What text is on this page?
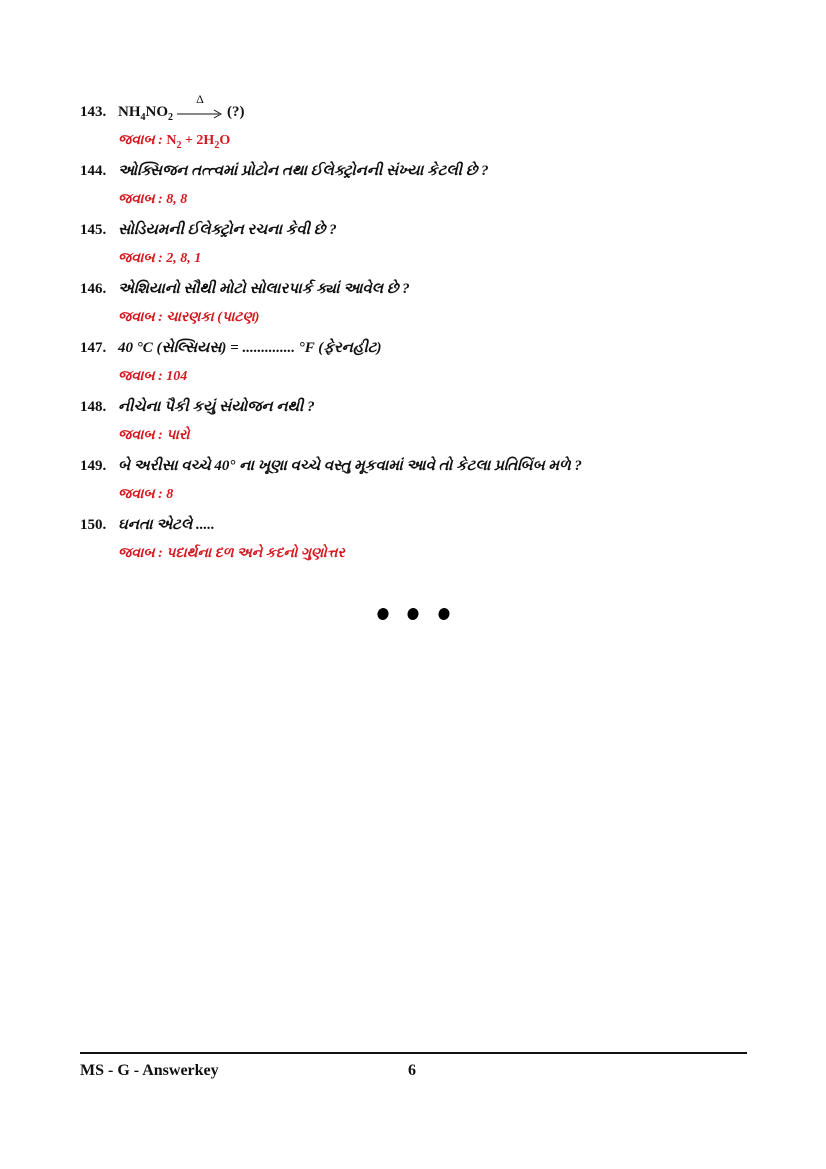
143. $NH_4NO_2$
Δ
(?)
જવાબ : $N_2 + 2H_2O$
144. ઓક્સિજન તત્ત્વમાં પ્રોટોન તથા ઈલેક્ટ્રોનની સંખ્યા કેટલી છે ?
જવાબ : 8, 8
145. સોડિયમની ઈલેક્ટ્રોન રચના કેવી છે ?
જવાબ : 2, 8, 1
146. એશિયાનો સૌથી મોટો સોલારપાર્ક ક્યાં આવેલ છે ?
જવાબ : ચારણકા (પાટણ)
147. 40 °C (સેલ્સિયસ) = .............. °F (ફેરનહીટ)
જવાબ : 104
148. નીચેના પૈકી કયું સંયોજન નથી ?
જવાબ : પારો
149. બે અરીસા વચ્ચે 40° ના ખૂણા વચ્ચે વસ્તુ મૂકવામાં આવે તો કેટલા પ્રતિબિંબ મળે ?
જવાબ : 8
150. ઘનતા એટલે .....
જવાબ : પદાર્થના દળ અને કદનો ગુણોત્તર
MS - G - Answerkey	6
